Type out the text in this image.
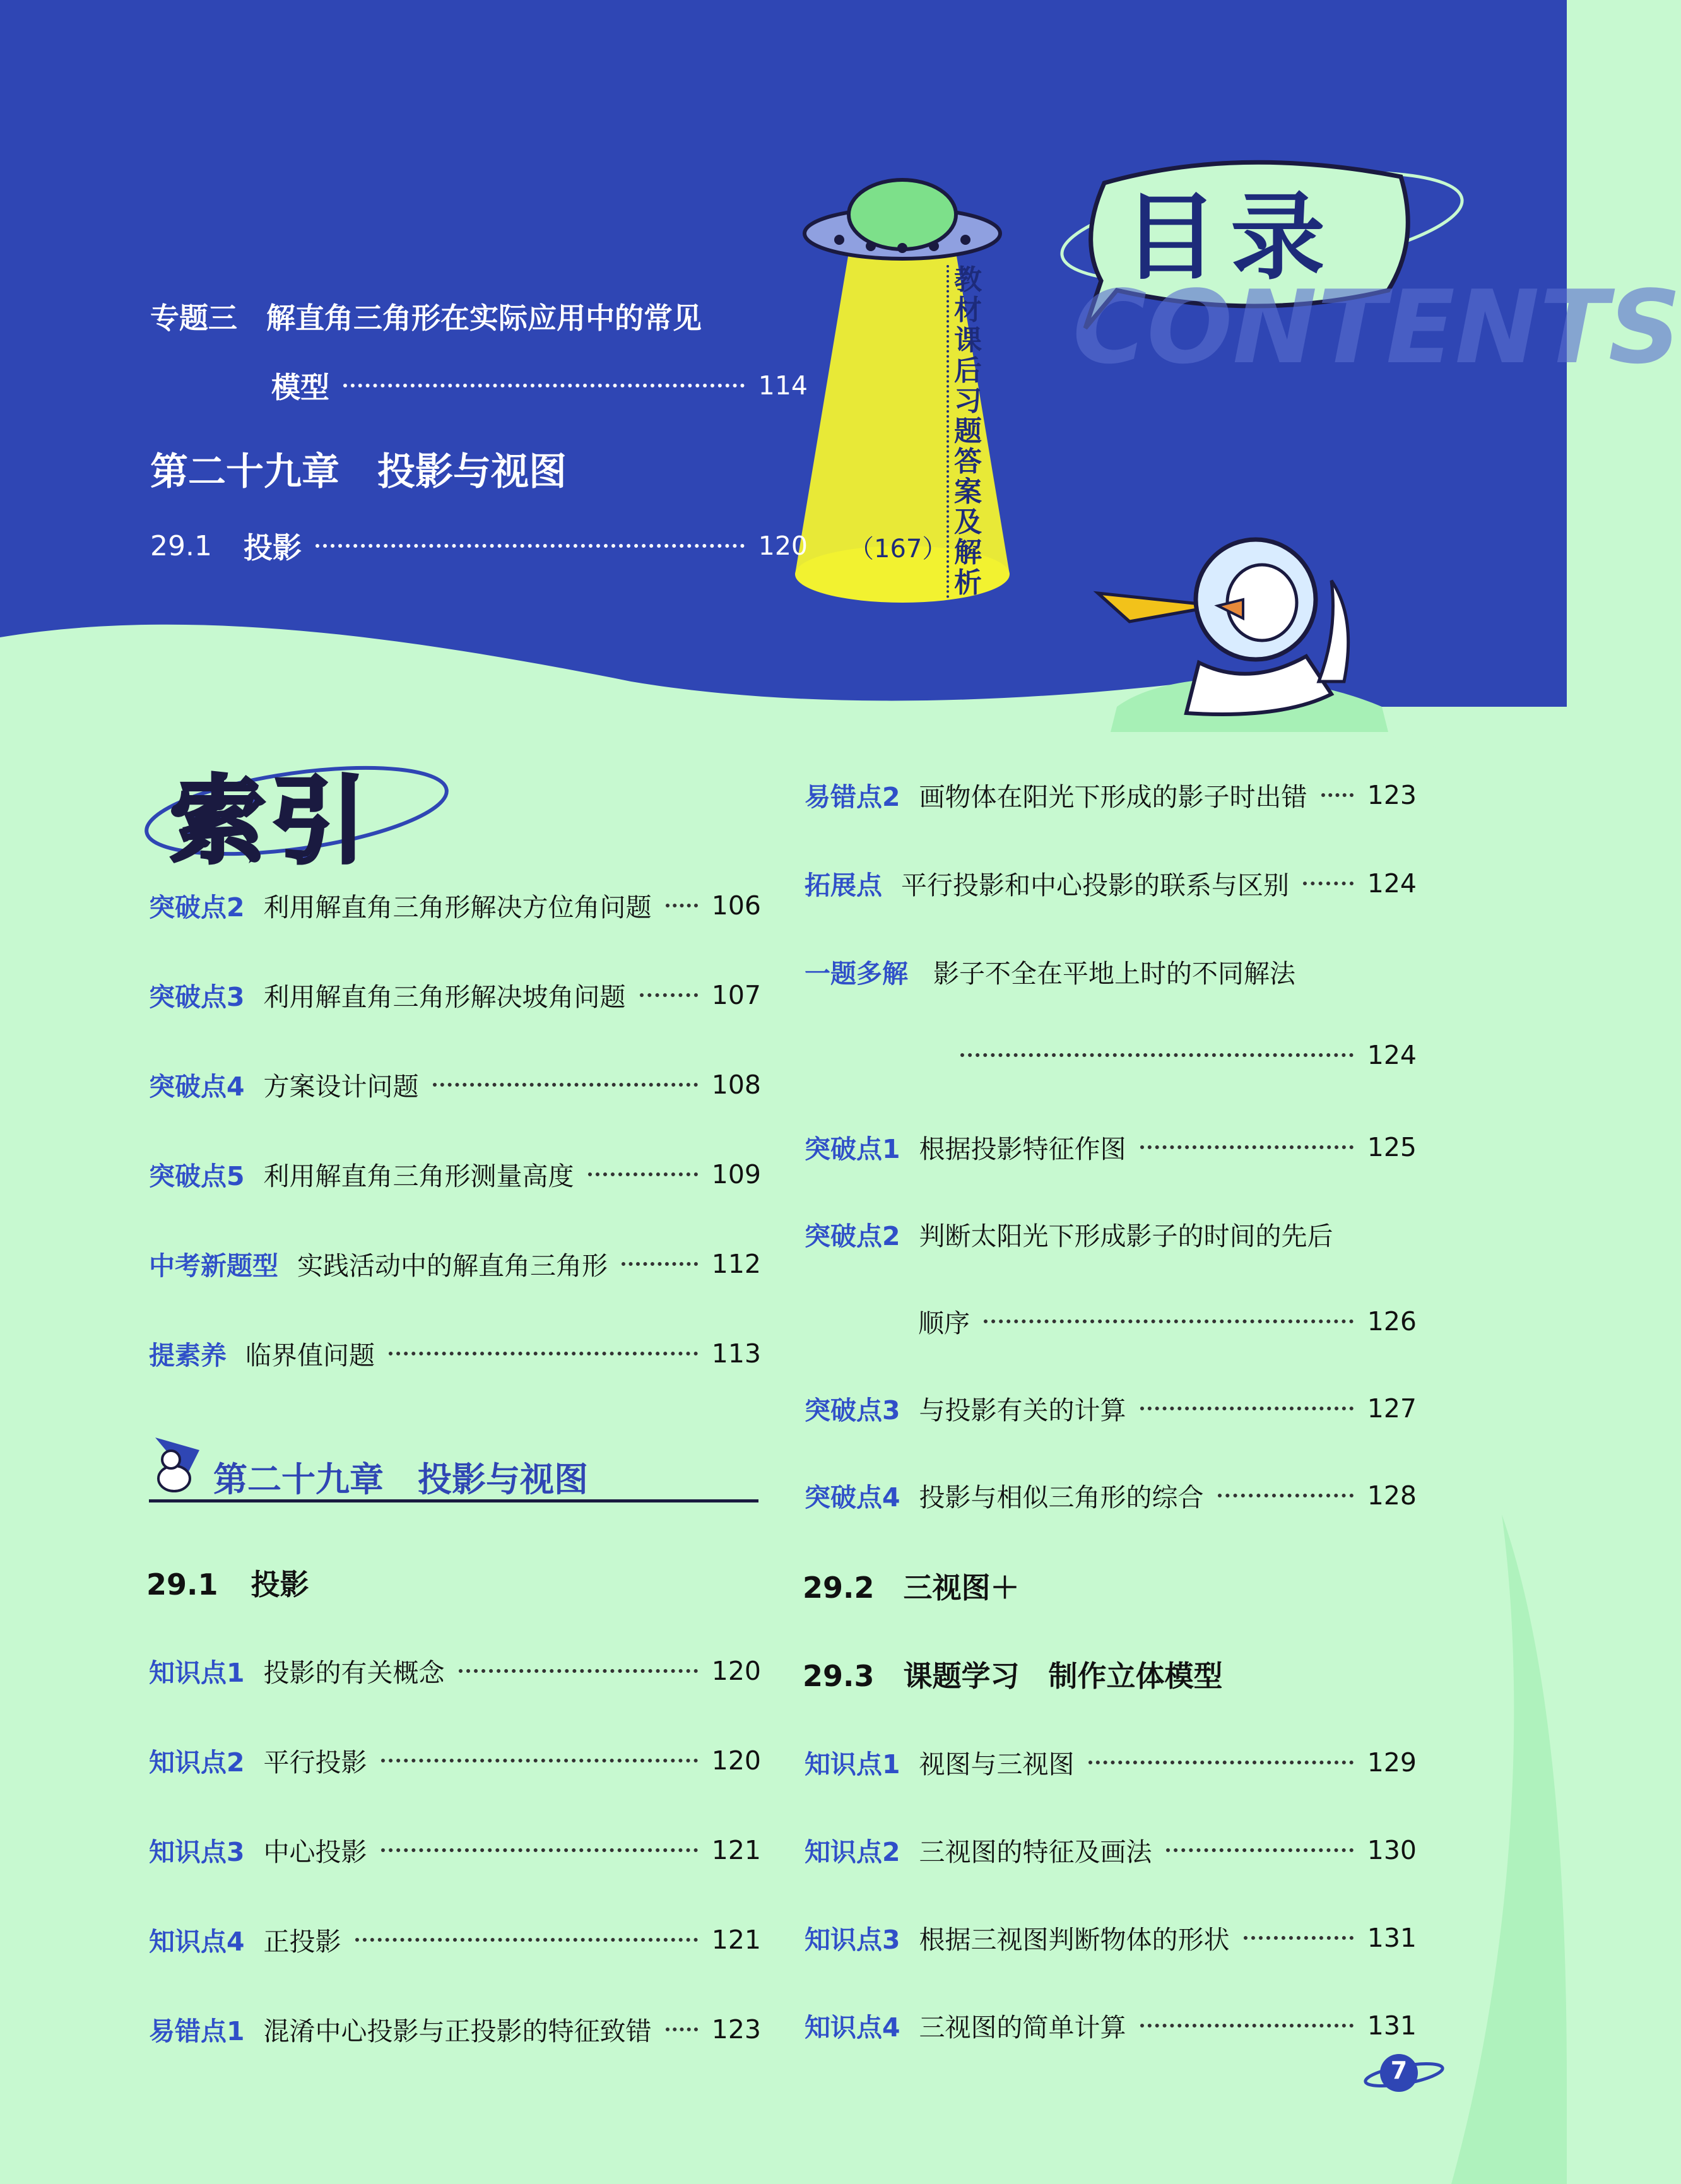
目录
CONTENTS
专题三　解直角三角形在实际应用中的常见
模型	114
第二十九章　投影与视图
29.1 投影	120 （167）
教材课后习题答案及解析
索引
突破点2 利用解直角三角形解决方位角问题 106
突破点3 利用解直角三角形解决坡角问题	107
突破点4 方案设计问题	108
突破点5 利用解直角三角形测量高度	109
中考新题型 实践活动中的解直角三角形	112
提素养 临界值问题	113
第二十九章　投影与视图
29.1 投影
知识点1 投影的有关概念	120
知识点2 平行投影	120
知识点3 中心投影	121
知识点4 正投影	121
易错点1 混淆中心投影与正投影的特征致错 123
易错点2 画物体在阳光下形成的影子时出错 123
拓展点 平行投影和中心投影的联系与区别	124
一题多解 影子不全在平地上时的不同解法
124
突破点1 根据投影特征作图	125
突破点2 判断太阳光下形成影子的时间的先后
顺序	126
突破点3 与投影有关的计算	127
突破点4 投影与相似三角形的综合	128
29.2　三视图＋
29.3　课题学习　制作立体模型
知识点1 视图与三视图	129
知识点2 三视图的特征及画法	130
知识点3 根据三视图判断物体的形状	131
知识点4 三视图的简单计算	131
7
